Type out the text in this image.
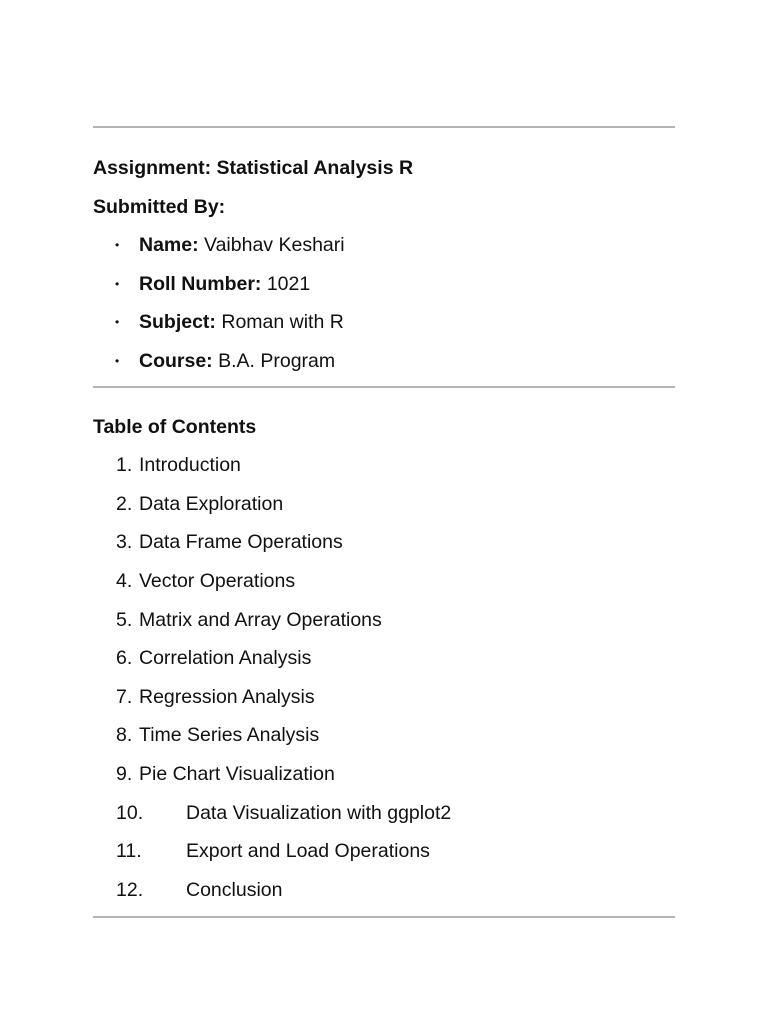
Assignment: Statistical Analysis R
Submitted By:
• Name: Vaibhav Keshari
• Roll Number: 1021
• Subject: Roman with R
• Course: B.A. Program
Table of Contents
1. Introduction
2. Data Exploration
3. Data Frame Operations
4. Vector Operations
5. Matrix and Array Operations
6. Correlation Analysis
7. Regression Analysis
8. Time Series Analysis
9. Pie Chart Visualization
10. Data Visualization with ggplot2
11. Export and Load Operations
12. Conclusion
